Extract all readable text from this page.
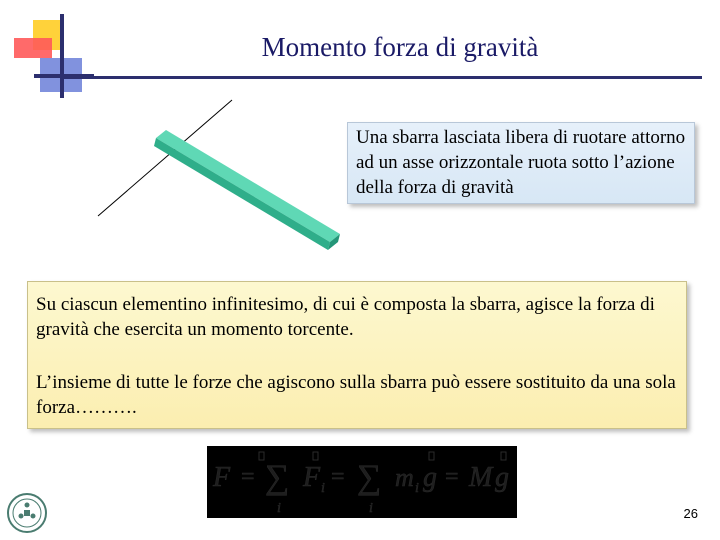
Momento forza di gravità
Una sbarra lasciata libera di ruotare attorno ad un asse orizzontale ruota sotto l’azione della forza di gravità

Su ciascun elementino infinitesimo, di cui è composta la sbarra, agisce la forza di gravità che esercita un momento torcente.

L’insieme di tutte le forze che agiscono sulla sbarra può essere sostituito da una sola forza……….

F = ∑
i
F i = ∑
i
m i g = M g
26
